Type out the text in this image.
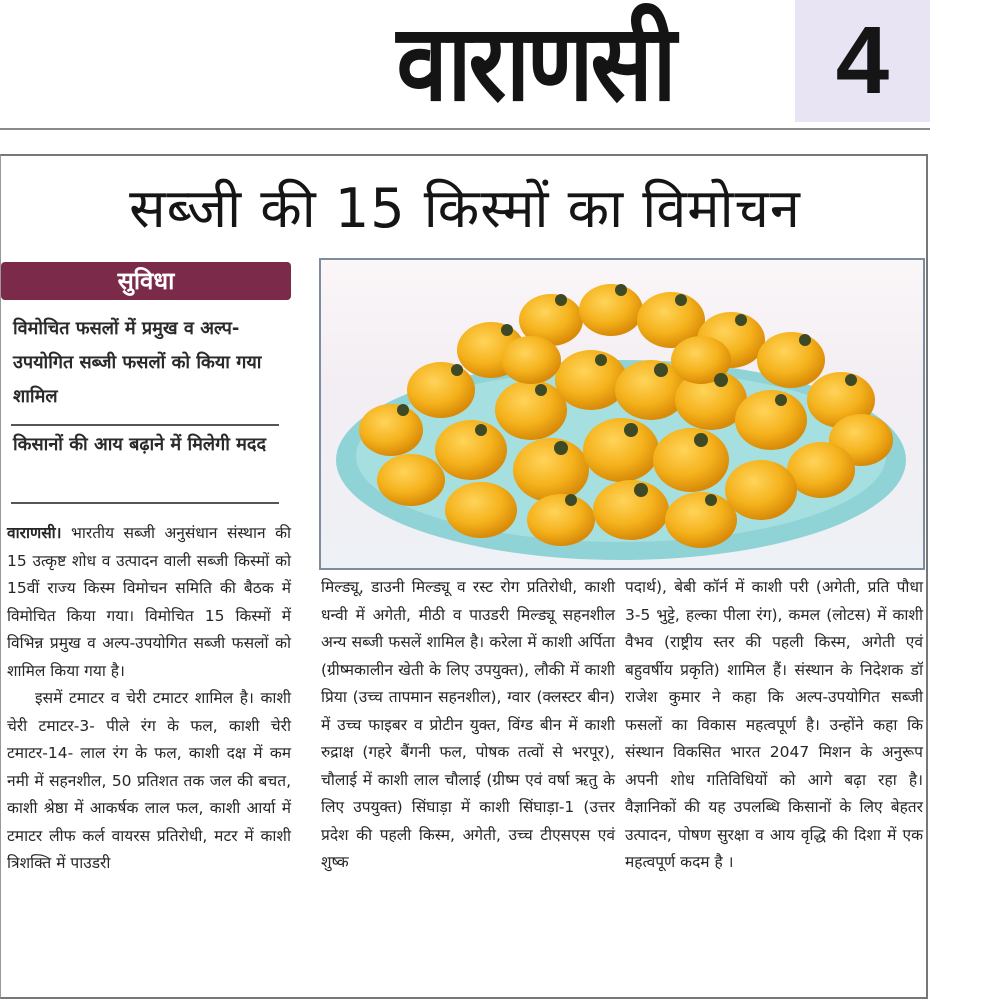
वाराणसी	4
सब्जी की 15 किस्मों का विमोचन
सुविधा
विमोचित फसलों में प्रमुख व अल्प-उपयोगित सब्जी फसलों को किया गया शामिल
किसानों की आय बढ़ाने में मिलेगी मदद
वाराणसी। भारतीय सब्जी अनुसंधान संस्थान की 15 उत्कृष्ट शोध व उत्पादन वाली सब्जी किस्मों को 15वीं राज्य किस्म विमोचन समिति की बैठक में विमोचित किया गया। विमोचित 15 किस्मों में विभिन्न प्रमुख व अल्प-उपयोगित सब्जी फसलों को शामिल किया गया है।
इसमें टमाटर व चेरी टमाटर शामिल है। काशी चेरी टमाटर-3- पीले रंग के फल, काशी चेरी टमाटर-14- लाल रंग के फल, काशी दक्ष में कम नमी में सहनशील, 50 प्रतिशत तक जल की बचत, काशी श्रेष्ठा में आकर्षक लाल फल, काशी आर्या में टमाटर लीफ कर्ल वायरस प्रतिरोधी, मटर में काशी त्रिशक्ति में पाउडरी
मिल्ड्यू, डाउनी मिल्ड्यू व रस्ट रोग प्रतिरोधी, काशी धन्वी में अगेती, मीठी व पाउडरी मिल्ड्यू सहनशील अन्य सब्जी फसलें शामिल है। करेला में काशी अर्पिता (ग्रीष्मकालीन खेती के लिए उपयुक्त), लौकी में काशी प्रिया (उच्च तापमान सहनशील), ग्वार (क्लस्टर बीन) में उच्च फाइबर व प्रोटीन युक्त, विंग्ड बीन में काशी रुद्राक्ष (गहरे बैंगनी फल, पोषक तत्वों से भरपूर), चौलाई में काशी लाल चौलाई (ग्रीष्म एवं वर्षा ऋतु के लिए उपयुक्त) सिंघाड़ा में काशी सिंघाड़ा-1 (उत्तर प्रदेश की पहली किस्म, अगेती, उच्च टीएसएस एवं शुष्क
पदार्थ), बेबी कॉर्न में काशी परी (अगेती, प्रति पौधा 3-5 भुट्टे, हल्का पीला रंग), कमल (लोटस) में काशी वैभव (राष्ट्रीय स्तर की पहली किस्म, अगेती एवं बहुवर्षीय प्रकृति) शामिल हैं। संस्थान के निदेशक डॉ राजेश कुमार ने कहा कि अल्प-उपयोगित सब्जी फसलों का विकास महत्वपूर्ण है। उन्होंने कहा कि संस्थान विकसित भारत 2047 मिशन के अनुरूप अपनी शोध गतिविधियों को आगे बढ़ा रहा है। वैज्ञानिकों की यह उपलब्धि किसानों के लिए बेहतर उत्पादन, पोषण सुरक्षा व आय वृद्धि की दिशा में एक महत्वपूर्ण कदम है ।
